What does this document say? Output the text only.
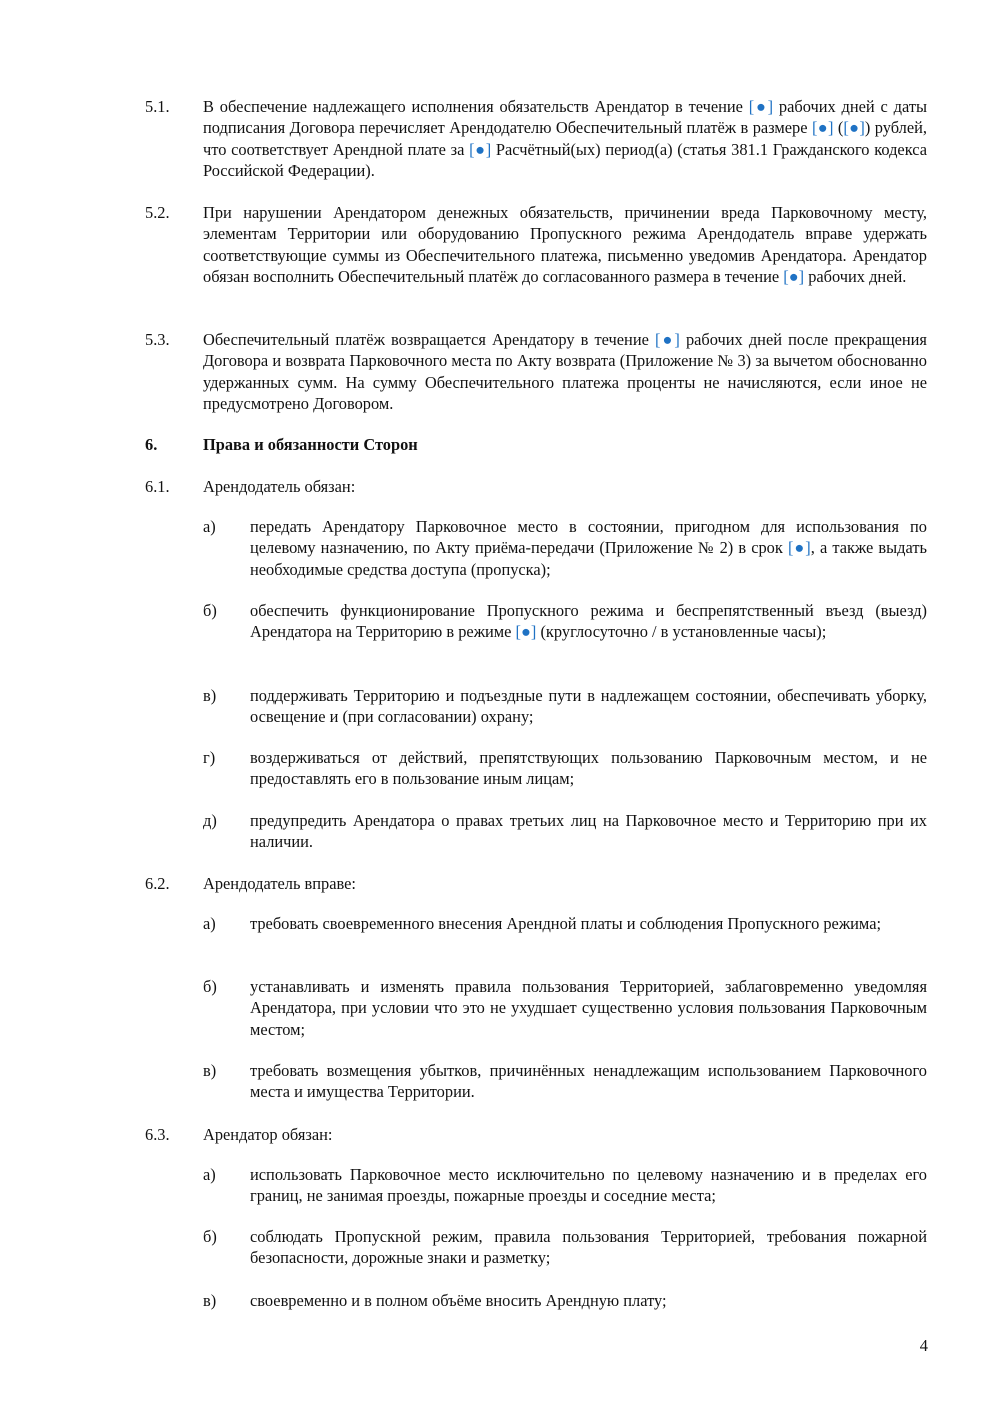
5.1. В обеспечение надлежащего исполнения обязательств Арендатор в течение [●] рабочих дней с даты подписания Договора перечисляет Арендодателю Обеспечительный платёж в размере [●] ([●]) рублей, что соответствует Арендной плате за [●] Расчётный(ых) период(а) (статья 381.1 Гражданского кодекса Российской Федерации).
5.2. При нарушении Арендатором денежных обязательств, причинении вреда Парковочному месту, элементам Территории или оборудованию Пропускного режима Арендодатель вправе удержать соответствующие суммы из Обеспечительного платежа, письменно уведомив Арендатора. Арендатор обязан восполнить Обеспечительный платёж до согласованного размера в течение [●] рабочих дней.
5.3. Обеспечительный платёж возвращается Арендатору в течение [●] рабочих дней после прекращения Договора и возврата Парковочного места по Акту возврата (Приложение № 3) за вычетом обоснованно удержанных сумм. На сумму Обеспечительного платежа проценты не начисляются, если иное не предусмотрено Договором.
6.	Права и обязанности Сторон
6.1. Арендодатель обязан:
а) передать Арендатору Парковочное место в состоянии, пригодном для использования по целевому назначению, по Акту приёма-передачи (Приложение № 2) в срок [●], а также выдать необходимые средства доступа (пропуска);
б) обеспечить функционирование Пропускного режима и беспрепятственный въезд (выезд) Арендатора на Территорию в режиме [●] (круглосуточно / в установленные часы);
в) поддерживать Территорию и подъездные пути в надлежащем состоянии, обеспечивать уборку, освещение и (при согласовании) охрану;
г) воздерживаться от действий, препятствующих пользованию Парковочным местом, и не предоставлять его в пользование иным лицам;
д) предупредить Арендатора о правах третьих лиц на Парковочное место и Территорию при их наличии.
6.2. Арендодатель вправе:
а) требовать своевременного внесения Арендной платы и соблюдения Пропускного режима;
б) устанавливать и изменять правила пользования Территорией, заблаговременно уведомляя Арендатора, при условии что это не ухудшает существенно условия пользования Парковочным местом;
в) требовать возмещения убытков, причинённых ненадлежащим использованием Парковочного места и имущества Территории.
6.3. Арендатор обязан:
а) использовать Парковочное место исключительно по целевому назначению и в пределах его границ, не занимая проезды, пожарные проезды и соседние места;
б) соблюдать Пропускной режим, правила пользования Территорией, требования пожарной безопасности, дорожные знаки и разметку;
в) своевременно и в полном объёме вносить Арендную плату;
4
